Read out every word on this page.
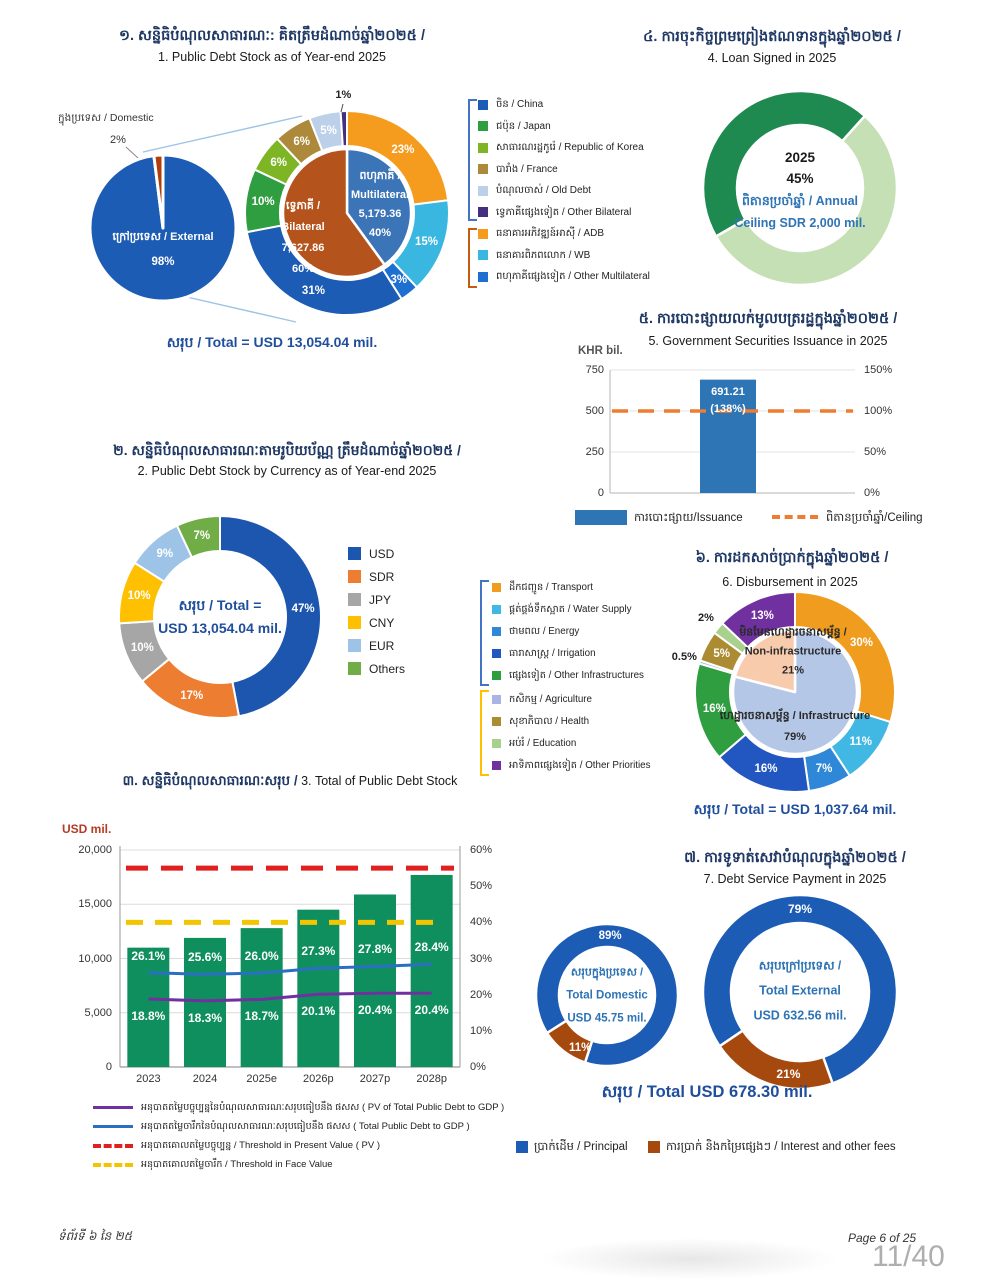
១. សន្និធិបំណុលសាធារណៈ: គិតត្រឹមដំណាច់ឆ្នាំ២០២៥ /
1. Public Debt Stock as of Year-end 2025
ក្នុងប្រទេស / Domestic
2%
ក្រៅប្រទេស / External
98%
ពហុភាគី /
Multilateral
5,179.36
40%
ទ្វេភាគី /
Bilateral
7,627.86
60%
សរុប / Total = USD 13,054.04 mil.
ចិន / China
ជប៉ុន / Japan
សាធារណរដ្ឋកូរ៉េ / Republic of Korea
បារាំង / France
បំណុលចាស់ / Old Debt
ទ្វេភាគីផ្សេងទៀត / Other Bilateral
ធនាគារអភិវឌ្ឍន៍អាស៊ី / ADB
ធនាគារពិភពលោក / WB
ពហុភាគីផ្សេងទៀត / Other Multilateral
៤. ការចុះកិច្ចព្រមព្រៀងឥណទានក្នុងឆ្នាំ២០២៥ /
4. Loan Signed in 2025
2025
45%
ពិតានប្រចាំឆ្នាំ / Annual
Ceiling SDR 2,000 mil.
៥. ការបោះផ្សាយលក់មូលបត្ររដ្ឋក្នុងឆ្នាំ២០២៥ /
5. Government Securities Issuance in 2025
KHR bil.
691.21
(138%)
ការបោះផ្សាយ/Issuance	ពិតានប្រចាំឆ្នាំ/Ceiling
២. សន្និធិបំណុលសាធារណៈតាមរូបិយប័ណ្ណ ត្រឹមដំណាច់ឆ្នាំ២០២៥ /
2. Public Debt Stock by Currency as of Year-end 2025
សរុប / Total =
USD 13,054.04 mil.
USD
SDR
JPY
CNY
EUR
Others
៦. ការដកសាច់ប្រាក់ក្នុងឆ្នាំ២០២៥ /
6. Disbursement in 2025
ដឹកជញ្ជូន / Transport
ផ្គត់ផ្គង់ទឹកស្អាត / Water Supply
ថាមពល / Energy
ធារាសាស្ត្រ / Irrigation
ផ្សេងទៀត / Other Infrastructures
កសិកម្ម / Agriculture
សុខាភិបាល / Health
អប់រំ / Education
អាទិភាពផ្សេងទៀត / Other Priorities
មិនមែនហេដ្ឋារចនាសម្ព័ន្ធ /
Non-infrastructure
21%
ហេដ្ឋារចនាសម្ព័ន្ធ / Infrastructure
79%
សរុប / Total = USD 1,037.64 mil.
៣. សន្និធិបំណុលសាធារណៈសរុប / 3. Total of Public Debt Stock
USD mil.
អនុបាតតម្លៃបច្ចុប្បន្ននៃបំណុលសាធារណៈសរុបធៀបនឹង ផសស ( PV of Total Public Debt to GDP )
អនុបាតតម្លៃចារឹកនៃបំណុលសាធារណៈសរុបធៀបនឹង ផសស ( Total Public Debt to GDP )
អនុបាតគោលតម្លៃបច្ចុប្បន្ន / Threshold in Present Value ( PV )
អនុបាតគោលតម្លៃចារឹក / Threshold in Face Value
៧. ការទូទាត់សេវាបំណុលក្នុងឆ្នាំ២០២៥ /
7. Debt Service Payment in 2025
សរុបក្នុងប្រទេស /
Total Domestic
USD 45.75 mil.
សរុបក្រៅប្រទេស /
Total External
USD 632.56 mil.
សរុប / Total USD 678.30 mil.
ប្រាក់ដើម / Principal	ការប្រាក់ និងកម្រៃផ្សេងៗ / Interest and other fees
23%
15%
3%
31%
10%
6%
6%
5%
1%
750
500
250
0
150%
100%
50%
0%
47%
17%
10%
10%
9%
7%
30%
11%
7%
16%
16%
0.5% 5%
2%	13%
26.1% 25.6% 26.0% 27.3% 27.8% 28.4%
18.8% 18.3% 18.7% 20.1% 20.4% 20.4%
20,000
15,000
10,000
5,000
0
60%
50%
40%
30%
20%
10%
0%
2023	2024	2025e 2026p 2027p 2028p
89%
11%
79%
21%
ទំព័រទី ៦ នៃ ២៥	Page 6 of 25
11/40
